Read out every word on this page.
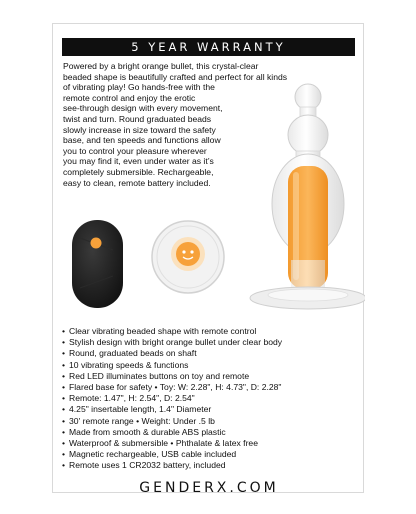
5 YEAR WARRANTY

Powered by a bright orange bullet, this crystal-clear
beaded shape is beautifully crafted and perfect for all kinds
of vibrating play! Go hands-free with the
remote control and enjoy the erotic
see-through design with every movement,
twist and turn. Round graduated beads
slowly increase in size toward the safety
base, and ten speeds and functions allow
you to control your pleasure wherever
you may find it, even under water as it’s
completely submersible. Rechargeable,
easy to clean, remote battery included.

• Clear vibrating beaded shape with remote control
• Stylish design with bright orange bullet under clear body
• Round, graduated beads on shaft
• 10 vibrating speeds & functions
• Red LED illuminates buttons on toy and remote
• Flared base for safety • Toy: W: 2.28", H: 4.73", D: 2.28"
• Remote: 1.47", H: 2.54", D: 2.54"
• 4.25" insertable length, 1.4" Diameter
• 30' remote range • Weight: Under .5 lb
• Made from smooth & durable ABS plastic
• Waterproof & submersible • Phthalate & latex free
• Magnetic rechargeable, USB cable included
• Remote uses 1 CR2032 battery, included
GENDERX.COM
